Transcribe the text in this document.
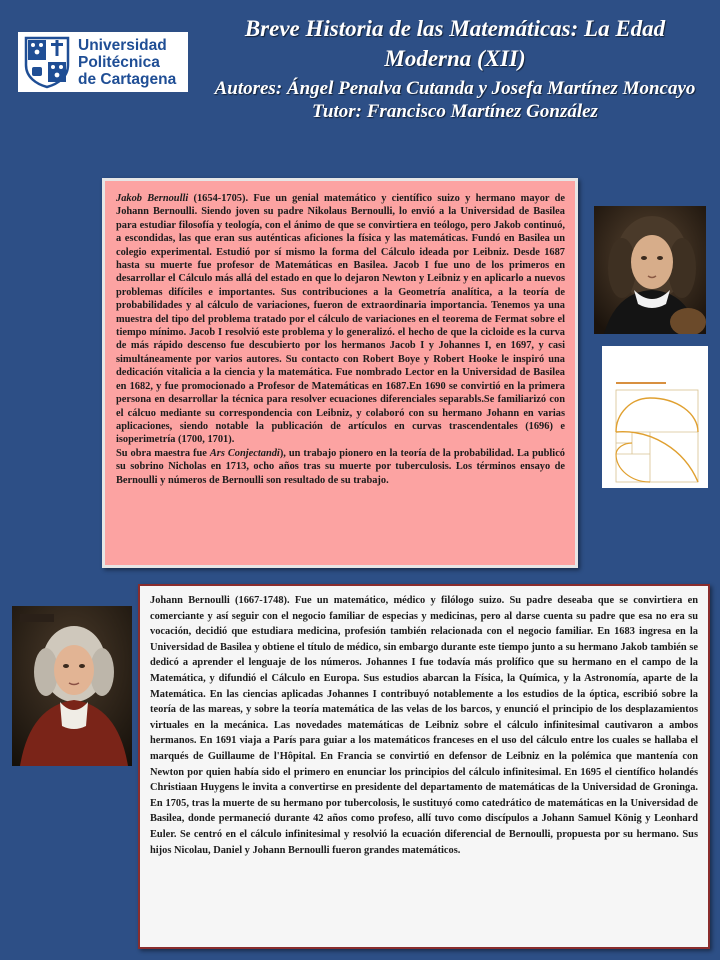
Universidad
Politécnica
de Cartagena
Breve Historia de las Matemáticas: La Edad Moderna (XII)
Autores: Ángel Penalva Cutanda y Josefa Martínez Moncayo
Tutor: Francisco Martínez González

Jakob Bernoulli (1654-1705). Fue un genial matemático y científico suizo y hermano mayor de Johann Bernoulli. Siendo joven su padre Nikolaus Bernoulli, lo envió a la Universidad de Basilea para estudiar filosofía y teología, con el ánimo de que se convirtiera en teólogo, pero Jakob continuó, a escondidas, las que eran sus auténticas aficiones la física y las matemáticas. Fundó en Basilea un colegio experimental. Estudió por sí mismo la forma del Cálculo ideada por Leibniz. Desde 1687 hasta su muerte fue profesor de Matemáticas en Basilea. Jacob I fue uno de los primeros en desarrollar el Cálculo más allá del estado en que lo dejaron Newton y Leibniz y en aplicarlo a nuevos problemas difíciles e importantes. Sus contribuciones a la Geometría analítica, a la teoría de probabilidades y al cálculo de variaciones, fueron de extraordinaria importancia. Tenemos ya una muestra del tipo del problema tratado por el cálculo de variaciones en el teorema de Fermat sobre el tiempo mínimo. Jacob I resolvió este problema y lo generalizó. el hecho de que la cicloide es la curva de más rápido descenso fue descubierto por los hermanos Jacob I y Johannes I, en 1697, y casi simultáneamente por varios autores. Su contacto con Robert Boye y Robert Hooke le inspiró una dedicación vitalicia a la ciencia y la matemática. Fue nombrado Lector en la Universidad de Basilea en 1682, y fue promocionado a Profesor de Matemáticas en 1687.En 1690 se convirtió en la primera persona en desarrollar la técnica para resolver ecuaciones diferenciales separabls.Se familiarizó con el cálcuo mediante su correspondencia con Leibniz, y colaboró con su hermano Johann en varias aplicaciones, siendo notable la publicación de artículos en curvas trascendentales (1696) e isoperimetría (1700, 1701).

Su obra maestra fue Ars Conjectandi), un trabajo pionero en la teoría de la probabilidad. La publicó su sobrino Nicholas en 1713, ocho años tras su muerte por tuberculosis. Los términos ensayo de Bernoulli y números de Bernoulli son resultado de su trabajo.

Johann Bernoulli (1667-1748). Fue un matemático, médico y filólogo suizo. Su padre deseaba que se convirtiera en comerciante y así seguir con el negocio familiar de especias y medicinas, pero al darse cuenta su padre que esa no era su vocación, decidió que estudiara medicina, profesión también relacionada con el negocio familiar. En 1683 ingresa en la Universidad de Basilea y obtiene el título de médico, sin embargo durante este tiempo junto a su hermano Jakob también se dedicó a aprender el lenguaje de los números. Johannes I fue todavía más prolífico que su hermano en el campo de la Matemática, y difundió el Cálculo en Europa. Sus estudios abarcan la Física, la Química, y la Astronomía, aparte de la Matemática. En las ciencias aplicadas Johannes I contribuyó notablemente a los estudios de la óptica, escribió sobre la teoría de las mareas, y sobre la teoría matemática de las velas de los barcos, y enunció el principio de los desplazamientos virtuales en la mecánica. Las novedades matemáticas de Leibniz sobre el cálculo infinitesimal cautivaron a ambos hermanos. En 1691 viaja a París para guiar a los matemáticos franceses en el uso del cálculo entre los cuales se hallaba el marqués de Guillaume de l'Hôpital. En Francia se convirtió en defensor de Leibniz en la polémica que mantenía con Newton por quien había sido el primero en enunciar los principios del cálculo infinitesimal. En 1695 el científico holandés Christiaan Huygens le invita a convertirse en presidente del departamento de matemáticas de la Universidad de Groninga. En 1705, tras la muerte de su hermano por tubercolosis, le sustituyó como catedrático de matemáticas en la Universidad de Basilea, donde permaneció durante 42 años como profeso, allí tuvo como discípulos a Johann Samuel König y Leonhard Euler. Se centró en el cálculo infinitesimal y resolvió la ecuación diferencial de Bernoulli, propuesta por su hermano. Sus hijos Nicolau, Daniel y Johann Bernoulli fueron grandes matemáticos.
